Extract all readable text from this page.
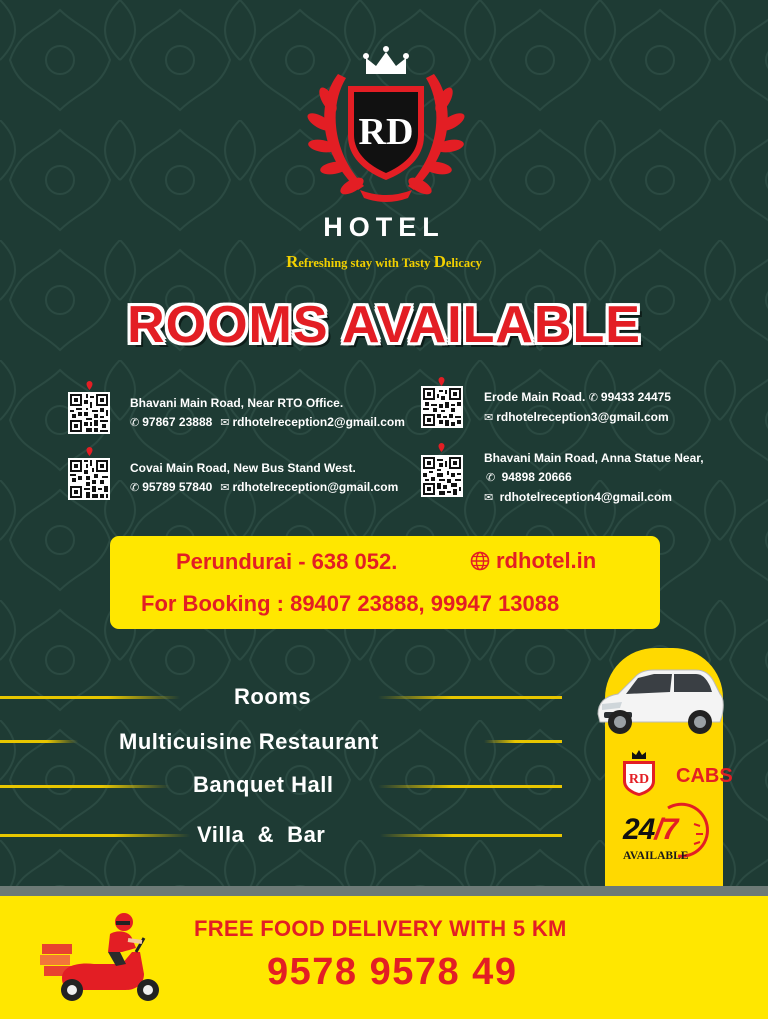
RD
HOTEL
Refreshing stay with Tasty Delicacy
ROOMS AVAILABLE
Bhavani Main Road, Near RTO Office.
✆ 97867 23888 ✉ rdhotelreception2@gmail.com
Covai Main Road, New Bus Stand West.
✆ 95789 57840 ✉ rdhotelreception@gmail.com
Erode Main Road. ✆ 99433 24475
✉ rdhotelreception3@gmail.com
Bhavani Main Road, Anna Statue Near,
✆ 94898 20666
✉ rdhotelreception4@gmail.com
Perundurai - 638 052.	rdhotel.in
For Booking : 89407 23888, 99947 13088
Rooms
Multicuisine Restaurant
Banquet Hall
Villa  &  Bar
RD CABS
24/7
AVAILABLE
FREE FOOD DELIVERY WITH 5 KM
9578 9578 49
